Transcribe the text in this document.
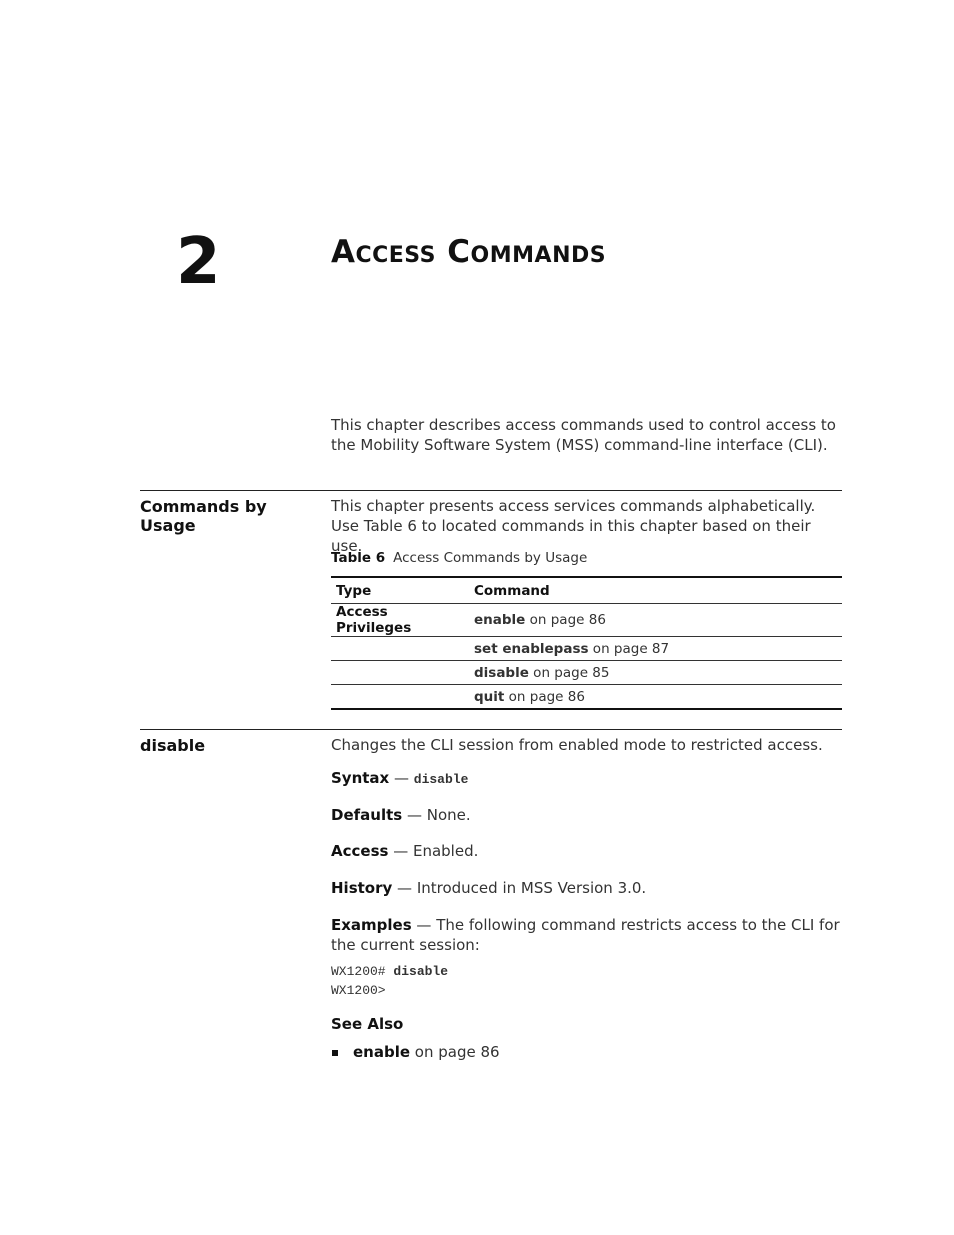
2	Access Commands
This chapter describes access commands used to control access to the Mobility Software System (MSS) command-line interface (CLI).
Commands by Usage
This chapter presents access services commands alphabetically. Use Table 6 to located commands in this chapter based on their use.
Table 6 Access Commands by Usage
Type	Command
Access Privileges	enable on page 86
	set enablepass on page 87
	disable on page 85
	quit on page 86
disable	Changes the CLI session from enabled mode to restricted access.
Syntax — disable
Defaults — None.
Access — Enabled.
History — Introduced in MSS Version 3.0.
Examples — The following command restricts access to the CLI for the current session:
WX1200# disable
WX1200>
See Also
enable on page 86
